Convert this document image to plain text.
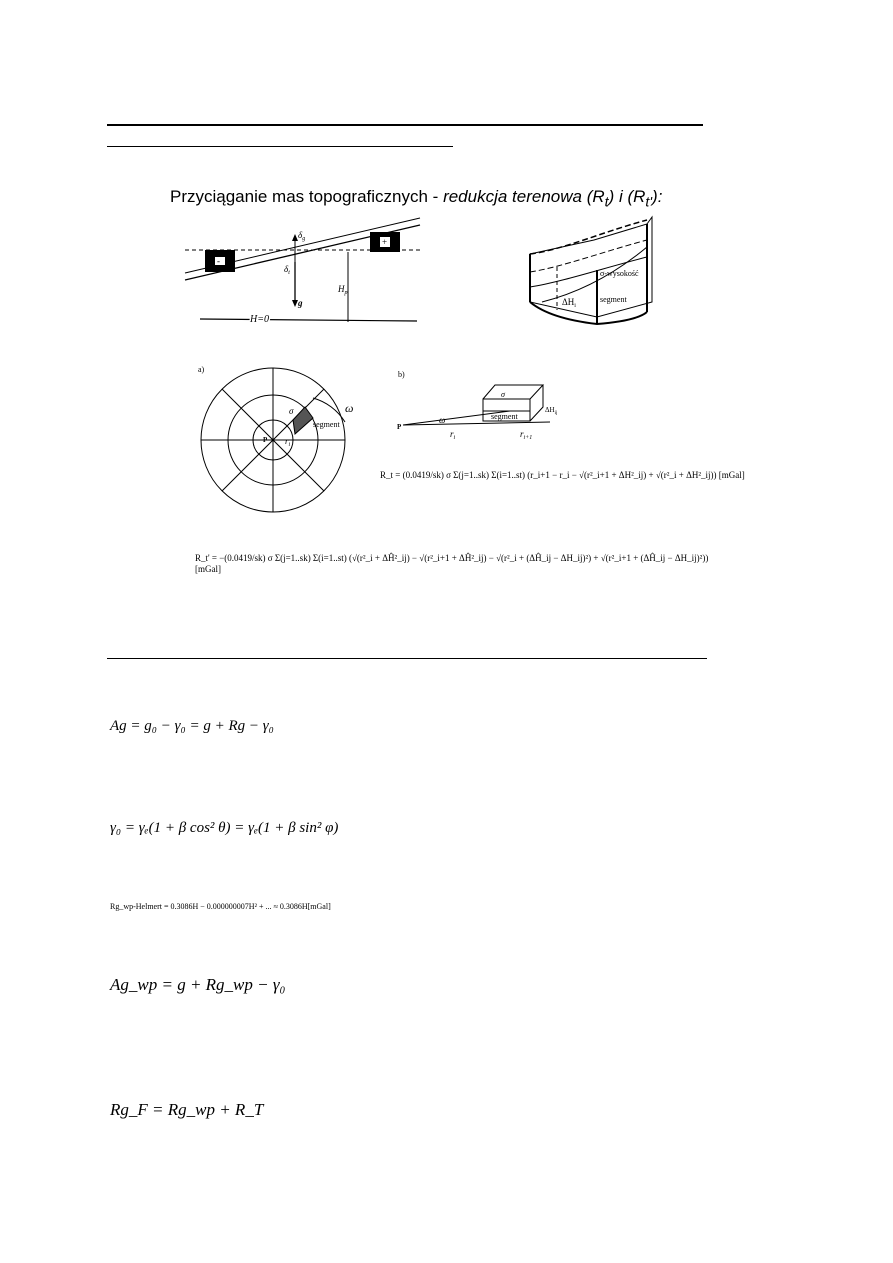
Przyciąganie mas topograficznych - redukcja terenowa $(R_t)$ i $(R_{t'})$:
-
+
$\delta_g$
$\delta_t$
g
$H_p$
H=0
σ-wysokość
$\Delta H_i$
segment
a)
σ	ω
segment
P $r_i$
b)
σ
segment
$\Delta H_{ij}$
P
ω
$r_i$	$r_{i+1}$
R_t = (0.0419/sk) σ Σ(j=1..sk) Σ(i=1..st) (r_i+1 − r_i − √(r²_i+1 + ΔH²_ij) + √(r²_i + ΔH²_ij)) [mGal]
R_t' = −(0.0419/sk) σ Σ(j=1..sk) Σ(i=1..st) (√(r²_i + ΔĤ²_ij) − √(r²_i+1 + ΔĤ²_ij) − √(r²_i + (ΔĤ_ij − ΔH_ij)²) + √(r²_i+1 + (ΔĤ_ij − ΔH_ij)²)) [mGal]
Ag = g₀ − γ₀ = g + Rg − γ₀
γ₀ = γₑ(1 + β cos² θ) = γₑ(1 + β sin² φ)
Rg_wp-Helmert = 0.3086H − 0.000000007H² + ... ≈ 0.3086H[mGal]
Ag_wp = g + Rg_wp − γ₀
Rg_F = Rg_wp + R_T
